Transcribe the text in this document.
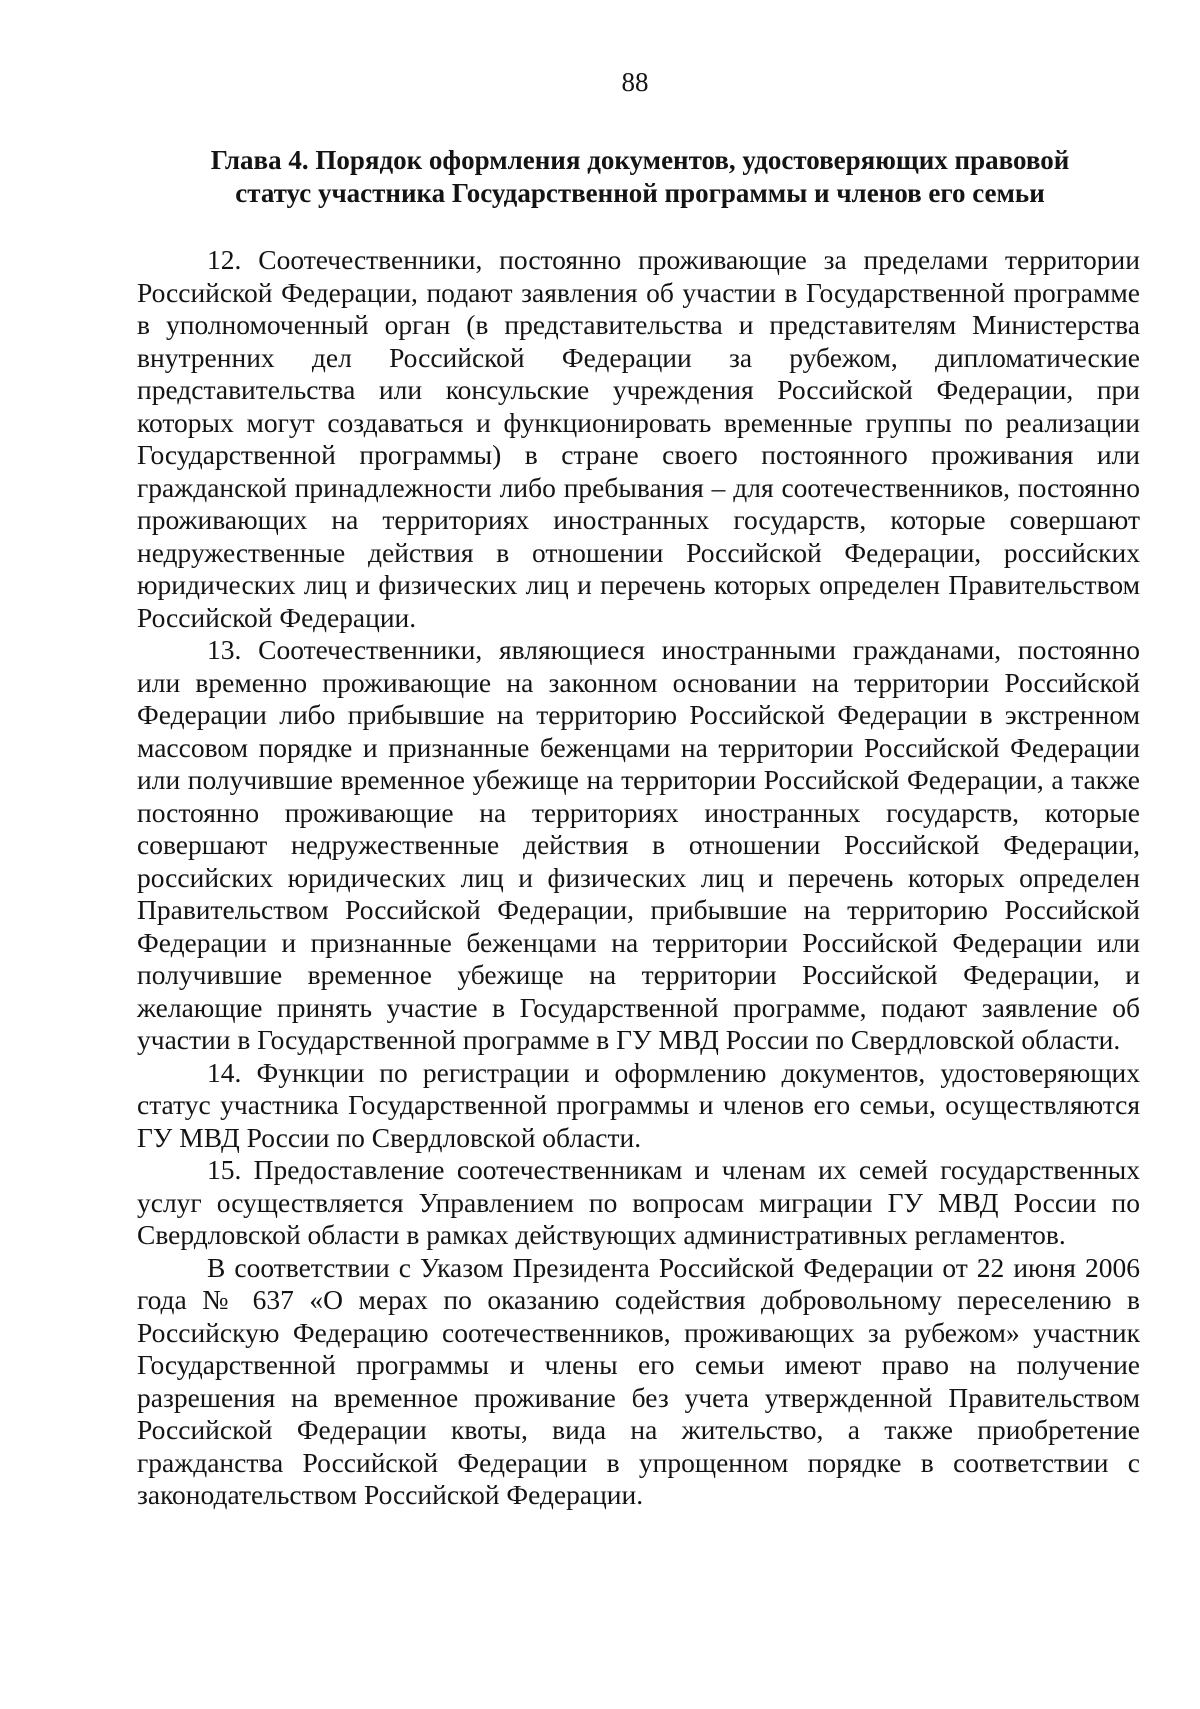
88
Глава 4. Порядок оформления документов, удостоверяющих правовой
статус участника Государственной программы и членов его семьи

12. Соотечественники, постоянно проживающие за пределами территории Российской Федерации, подают заявления об участии в Государственной программе в уполномоченный орган (в представительства и представителям Министерства внутренних дел Российской Федерации за рубежом, дипломатические представительства или консульские учреждения Российской Федерации, при которых могут создаваться и функционировать временные группы по реализации Государственной программы) в стране своего постоянного проживания или гражданской принадлежности либо пребывания – для соотечественников, постоянно проживающих на территориях иностранных государств, которые совершают недружественные действия в отношении Российской Федерации, российских юридических лиц и физических лиц и перечень которых определен Правительством Российской Федерации.

13. Соотечественники, являющиеся иностранными гражданами, постоянно или временно проживающие на законном основании на территории Российской Федерации либо прибывшие на территорию Российской Федерации в экстренном массовом порядке и признанные беженцами на территории Российской Федерации или получившие временное убежище на территории Российской Федерации, а также постоянно проживающие на территориях иностранных государств, которые совершают недружественные действия в отношении Российской Федерации, российских юридических лиц и физических лиц и перечень которых определен Правительством Российской Федерации, прибывшие на территорию Российской Федерации и признанные беженцами на территории Российской Федерации или получившие временное убежище на территории Российской Федерации, и желающие принять участие в Государственной программе, подают заявление об участии в Государственной программе в ГУ МВД России по Свердловской области.

14. Функции по регистрации и оформлению документов, удостоверяющих статус участника Государственной программы и членов его семьи, осуществляются ГУ МВД России по Свердловской области.

15. Предоставление соотечественникам и членам их семей государственных услуг осуществляется Управлением по вопросам миграции ГУ МВД России по Свердловской области в рамках действующих административных регламентов.

В соответствии с Указом Президента Российской Федерации от 22 июня 2006 года № 637 «О мерах по оказанию содействия добровольному переселению в Российскую Федерацию соотечественников, проживающих за рубежом» участник Государственной программы и члены его семьи имеют право на получение разрешения на временное проживание без учета утвержденной Правительством Российской Федерации квоты, вида на жительство, а также приобретение гражданства Российской Федерации в упрощенном порядке в соответствии с законодательством Российской Федерации.
